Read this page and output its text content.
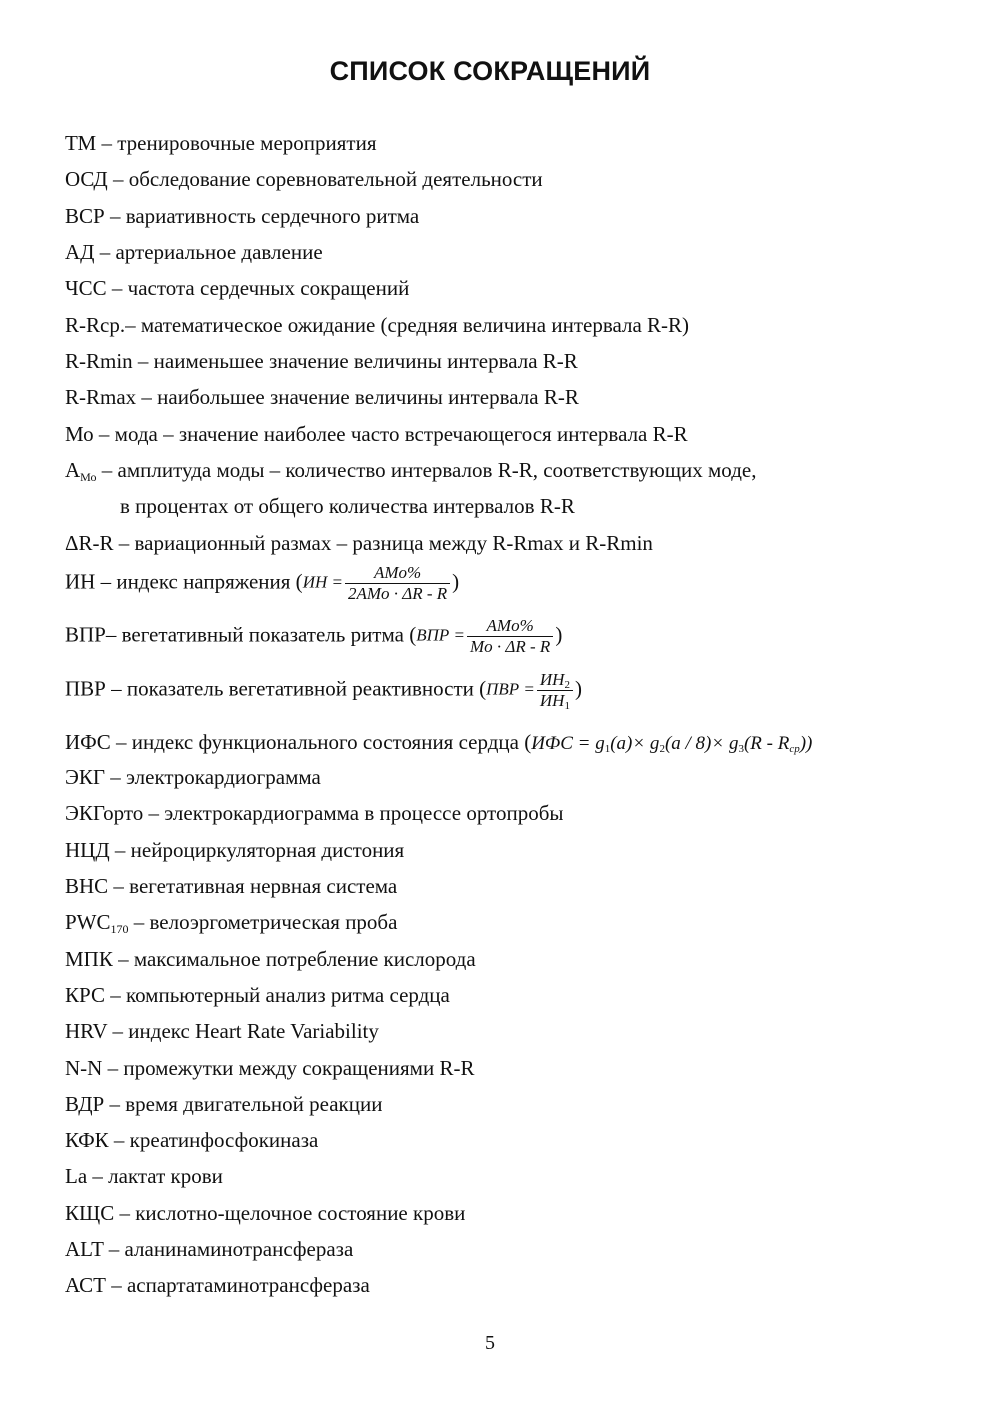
СПИСОК СОКРАЩЕНИЙ
ТМ – тренировочные мероприятия
ОСД – обследование соревновательной деятельности
ВСР – вариативность сердечного ритма
АД – артериальное давление
ЧСС – частота сердечных сокращений
R-Rср.– математическое ожидание (средняя величина интервала R-R)
R-Rmin – наименьшее значение величины интервала R-R
R-Rmax – наибольшее значение величины интервала R-R
Мо – мода – значение наиболее часто встречающегося интервала R-R
$А_{Мо}$ – амплитуда моды – количество интервалов R-R, соответствующих моде,
в процентах от общего количества интервалов R-R
ΔR-R – вариационный размах – разница между R-Rmax и R-Rmin
ИН – индекс напряжения ($ИН = \frac{\text{AMo\%}}{\text{2AMo · ΔR - R}}$ )
ВПР– вегетативный показатель ритма ($ВПР = \frac{\text{AMo\%}}{Mo \cdot \Delta R - R}$ )
ПВР – показатель вегетативной реактивности ($ПВР = \frac{ИН2}{ИН1}$ )
ИФС – индекс функционального состояния сердца (ИФС = g1(a)× g2(a / 8)× g3(R - Rср))
ЭКГ – электрокардиограмма
ЭКГорто – электрокардиограмма в процессе ортопробы
НЦД – нейроциркуляторная дистония
ВНС – вегетативная нервная система
$PWC_{170}$ – велоэргометрическая проба
МПК – максимальное потребление кислорода
КРС – компьютерный анализ ритма сердца
HRV – индекс Heart Rate Variability
N-N – промежутки между сокращениями R-R
ВДР – время двигательной реакции
КФК – креатинфосфокиназа
La – лактат крови
КЩС – кислотно-щелочное состояние крови
ALT – аланинаминотрансфераза
АСТ – аспартатаминотрансфераза
5
